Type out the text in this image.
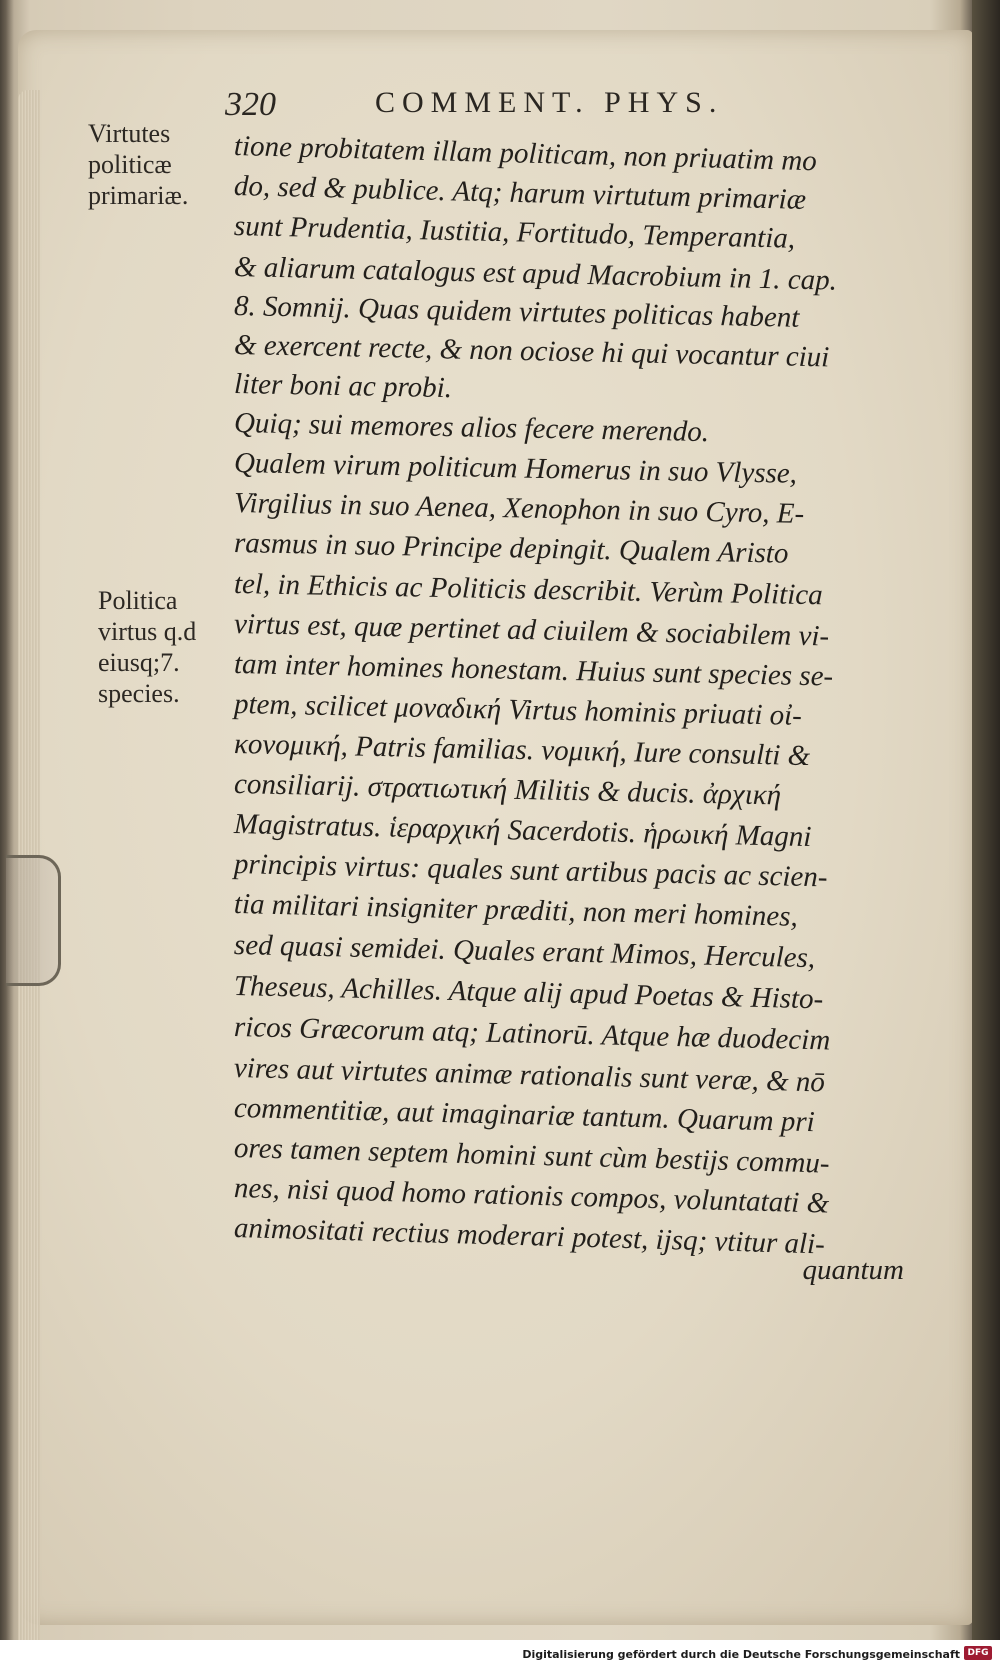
320	COMMENT. PHYS.
Virtutes
politicæ
primariæ.
Politica
virtus q.d
eiusq;7.
species.
tione probitatem illam politicam, non priuatim mo
do, sed & publice. Atq; harum virtutum primariæ
sunt Prudentia, Iustitia, Fortitudo, Temperantia,
& aliarum catalogus est apud Macrobium in 1. cap.
8. Somnij. Quas quidem virtutes politicas habent
& exercent recte, & non ociose hi qui vocantur ciui
liter boni ac probi.
Quiq; sui memores alios fecere merendo.
Qualem virum politicum Homerus in suo Vlysse,
Virgilius in suo Aenea, Xenophon in suo Cyro, E-
rasmus in suo Principe depingit. Qualem Aristo
tel, in Ethicis ac Politicis describit. Verùm Politica
virtus est, quæ pertinet ad ciuilem & sociabilem vi-
tam inter homines honestam. Huius sunt species se-
ptem, scilicet μοναδική Virtus hominis priuati οἰ-
κονομική, Patris familias. νομική, Iure consulti &
consiliarij. στρατιωτική Militis & ducis. ἀρχική
Magistratus. ἱεραρχική Sacerdotis. ἡρωική Magni
principis virtus: quales sunt artibus pacis ac scien-
tia militari insigniter præditi, non meri homines,
sed quasi semidei. Quales erant Mimos, Hercules,
Theseus, Achilles. Atque alij apud Poetas & Histo-
ricos Græcorum atq; Latinorū. Atque hæ duodecim
vires aut virtutes animæ rationalis sunt veræ, & nō
commentitiæ, aut imaginariæ tantum. Quarum pri
ores tamen septem homini sunt cùm bestijs commu-
nes, nisi quod homo rationis compos, voluntatati &
animositati rectius moderari potest, ijsq; vtitur ali-
quantum
Digitalisierung gefördert durch die Deutsche Forschungsgemeinschaft DFG
